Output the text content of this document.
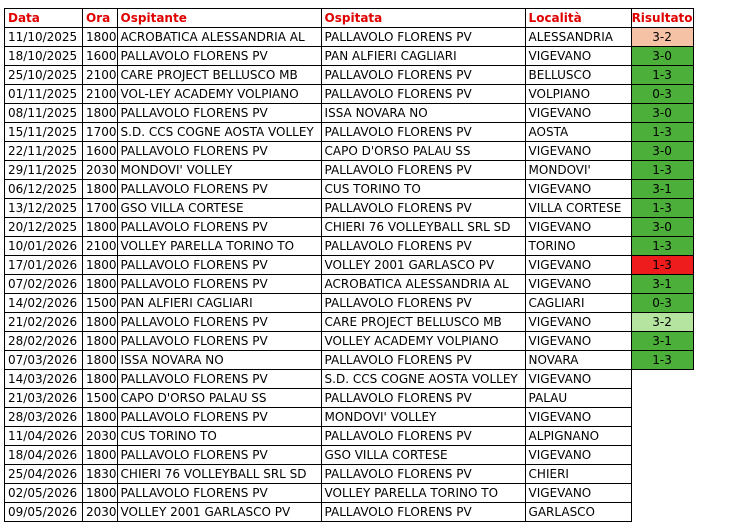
Data	Ora	Ospitante	Ospitata	Località	Risultato
11/10/2025	1800	ACROBATICA ALESSANDRIA AL	PALLAVOLO FLORENS PV	ALESSANDRIA	3-2
18/10/2025	1600	PALLAVOLO FLORENS PV	PAN ALFIERI CAGLIARI	VIGEVANO	3-0
25/10/2025	2100	CARE PROJECT BELLUSCO MB	PALLAVOLO FLORENS PV	BELLUSCO	1-3
01/11/2025	2100	VOL-LEY ACADEMY VOLPIANO	PALLAVOLO FLORENS PV	VOLPIANO	0-3
08/11/2025	1800	PALLAVOLO FLORENS PV	ISSA NOVARA NO	VIGEVANO	3-0
15/11/2025	1700	S.D. CCS COGNE AOSTA VOLLEY	PALLAVOLO FLORENS PV	AOSTA	1-3
22/11/2025	1600	PALLAVOLO FLORENS PV	CAPO D'ORSO PALAU SS	VIGEVANO	3-0
29/11/2025	2030	MONDOVI' VOLLEY	PALLAVOLO FLORENS PV	MONDOVI'	1-3
06/12/2025	1800	PALLAVOLO FLORENS PV	CUS TORINO TO	VIGEVANO	3-1
13/12/2025	1700	GSO VILLA CORTESE	PALLAVOLO FLORENS PV	VILLA CORTESE	1-3
20/12/2025	1800	PALLAVOLO FLORENS PV	CHIERI 76 VOLLEYBALL SRL SD	VIGEVANO	3-0
10/01/2026	2100	VOLLEY PARELLA TORINO TO	PALLAVOLO FLORENS PV	TORINO	1-3
17/01/2026	1800	PALLAVOLO FLORENS PV	VOLLEY 2001 GARLASCO PV	VIGEVANO	1-3
07/02/2026	1800	PALLAVOLO FLORENS PV	ACROBATICA ALESSANDRIA AL	VIGEVANO	3-1
14/02/2026	1500	PAN ALFIERI CAGLIARI	PALLAVOLO FLORENS PV	CAGLIARI	0-3
21/02/2026	1800	PALLAVOLO FLORENS PV	CARE PROJECT BELLUSCO MB	VIGEVANO	3-2
28/02/2026	1800	PALLAVOLO FLORENS PV	VOLLEY ACADEMY VOLPIANO	VIGEVANO	3-1
07/03/2026	1800	ISSA NOVARA NO	PALLAVOLO FLORENS PV	NOVARA	1-3
14/03/2026	1800	PALLAVOLO FLORENS PV	S.D. CCS COGNE AOSTA VOLLEY	VIGEVANO	
21/03/2026	1500	CAPO D'ORSO PALAU SS	PALLAVOLO FLORENS PV	PALAU	
28/03/2026	1800	PALLAVOLO FLORENS PV	MONDOVI' VOLLEY	VIGEVANO	
11/04/2026	2030	CUS TORINO TO	PALLAVOLO FLORENS PV	ALPIGNANO	
18/04/2026	1800	PALLAVOLO FLORENS PV	GSO VILLA CORTESE	VIGEVANO	
25/04/2026	1830	CHIERI 76 VOLLEYBALL SRL SD	PALLAVOLO FLORENS PV	CHIERI	
02/05/2026	1800	PALLAVOLO FLORENS PV	VOLLEY PARELLA TORINO TO	VIGEVANO	
09/05/2026	2030	VOLLEY 2001 GARLASCO PV	PALLAVOLO FLORENS PV	GARLASCO	
